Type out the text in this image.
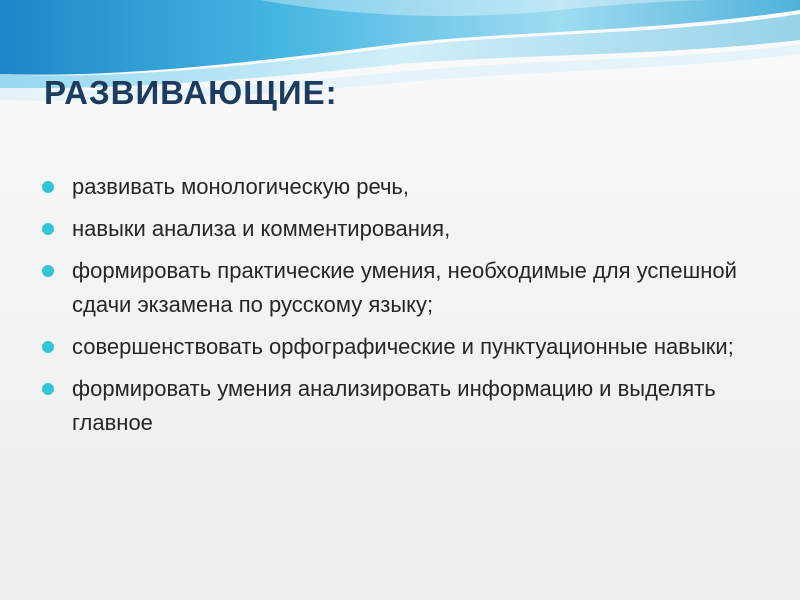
РАЗВИВАЮЩИЕ:
развивать монологическую речь,
навыки анализа и комментирования,
формировать практические умения, необходимые для успешной сдачи экзамена по русскому языку;
совершенствовать орфографические и пунктуационные навыки;
формировать умения анализировать информацию и выделять главное
